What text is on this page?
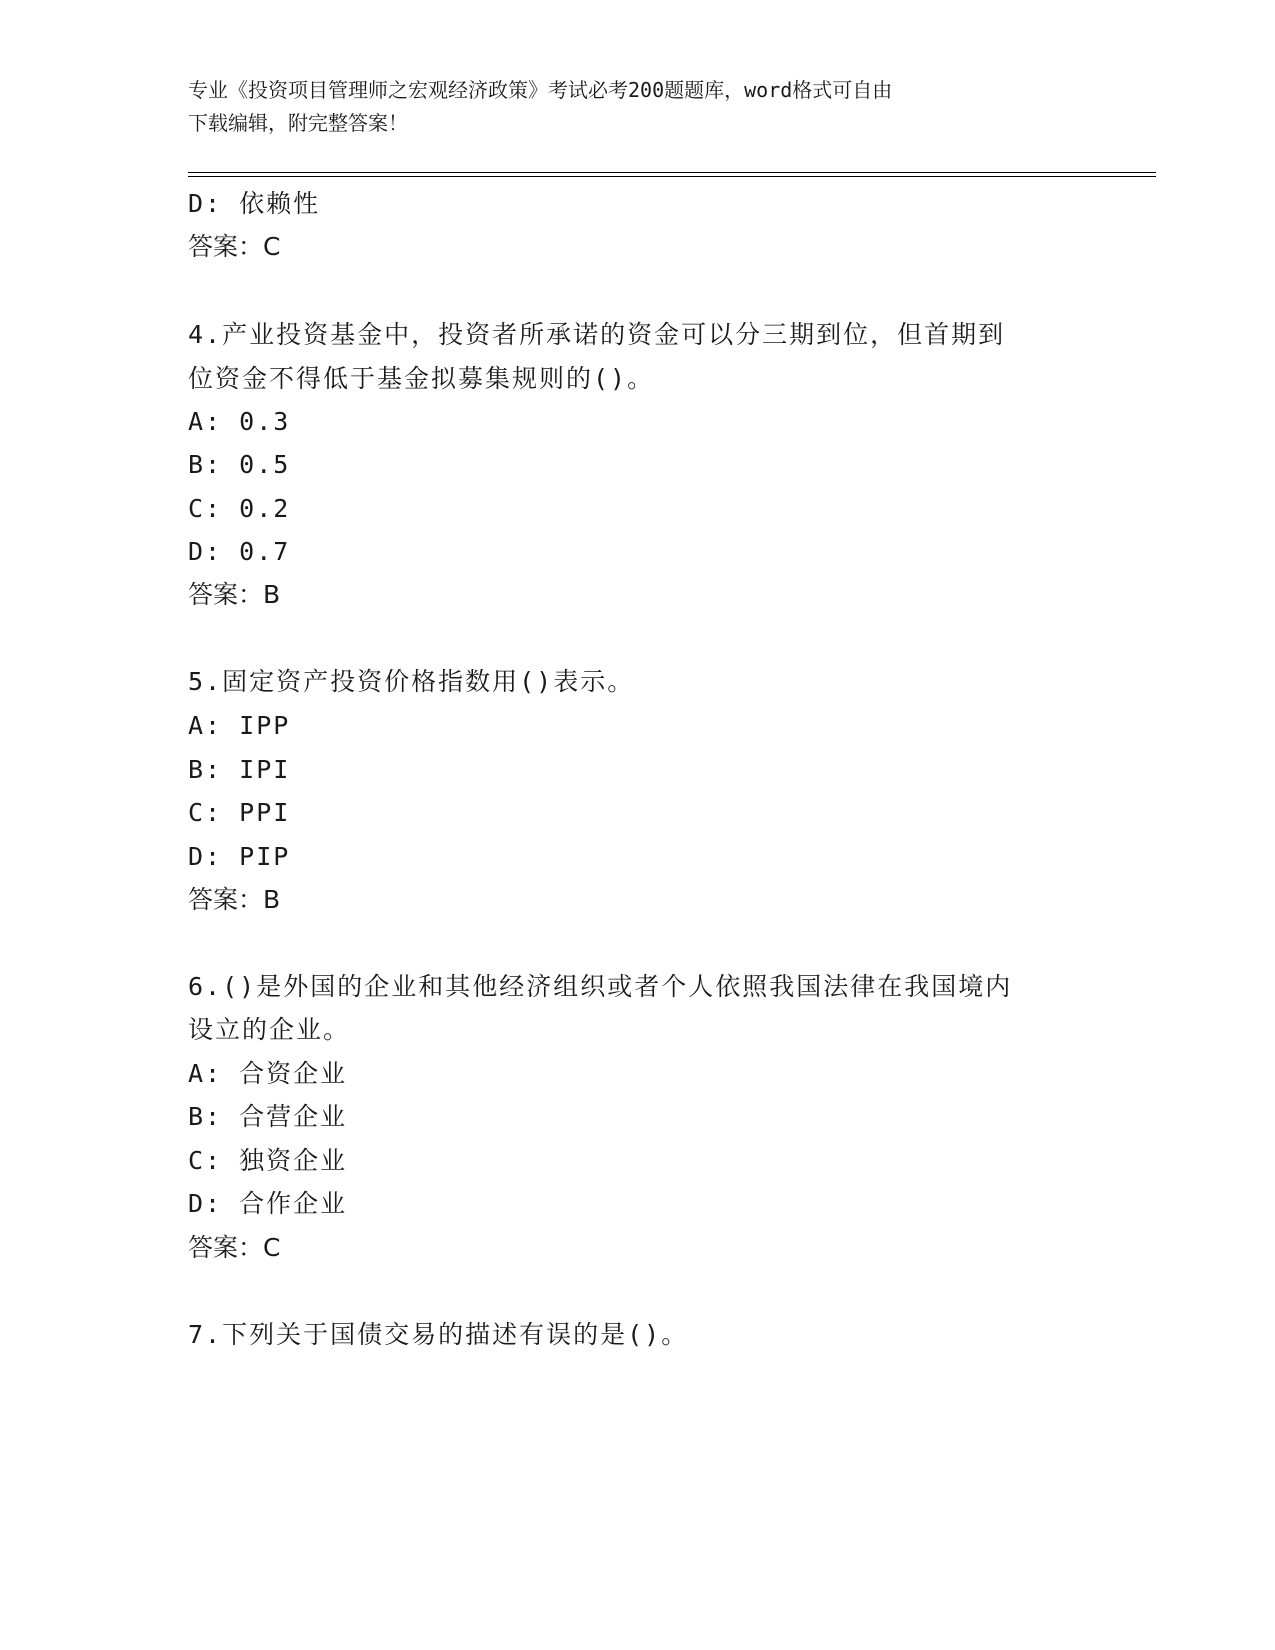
专业《投资项目管理师之宏观经济政策》考试必考200题题库，word格式可自由
下载编辑，附完整答案！
D: 依赖性
答案：C
4.产业投资基金中，投资者所承诺的资金可以分三期到位，但首期到
位资金不得低于基金拟募集规则的()。
A: 0.3
B: 0.5
C: 0.2
D: 0.7
答案：B
5.固定资产投资价格指数用()表示。
A: IPP
B: IPI
C: PPI
D: PIP
答案：B
6.()是外国的企业和其他经济组织或者个人依照我国法律在我国境内
设立的企业。
A: 合资企业
B: 合营企业
C: 独资企业
D: 合作企业
答案：C
7.下列关于国债交易的描述有误的是()。
